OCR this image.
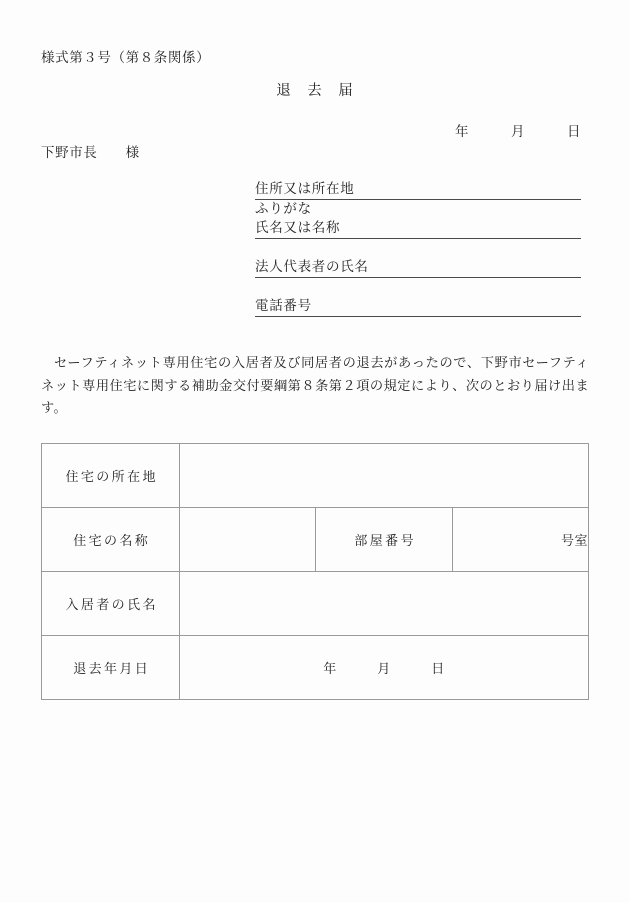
様式第３号（第８条関係）
退　去　届
年　　　月　　　日
下野市長　　様
住所又は所在地
ふりがな
氏名又は名称
法人代表者の氏名
電話番号

セーフティネット専用住宅の入居者及び同居者の退去があったので、下野市セーフティネット専用住宅に関する補助金交付要綱第８条第２項の規定により、次のとおり届け出ます。

住宅の所在地			
住宅の名称		部屋番号	号室
入居者の氏名			
退去年月日	年　　　月　　　日		
